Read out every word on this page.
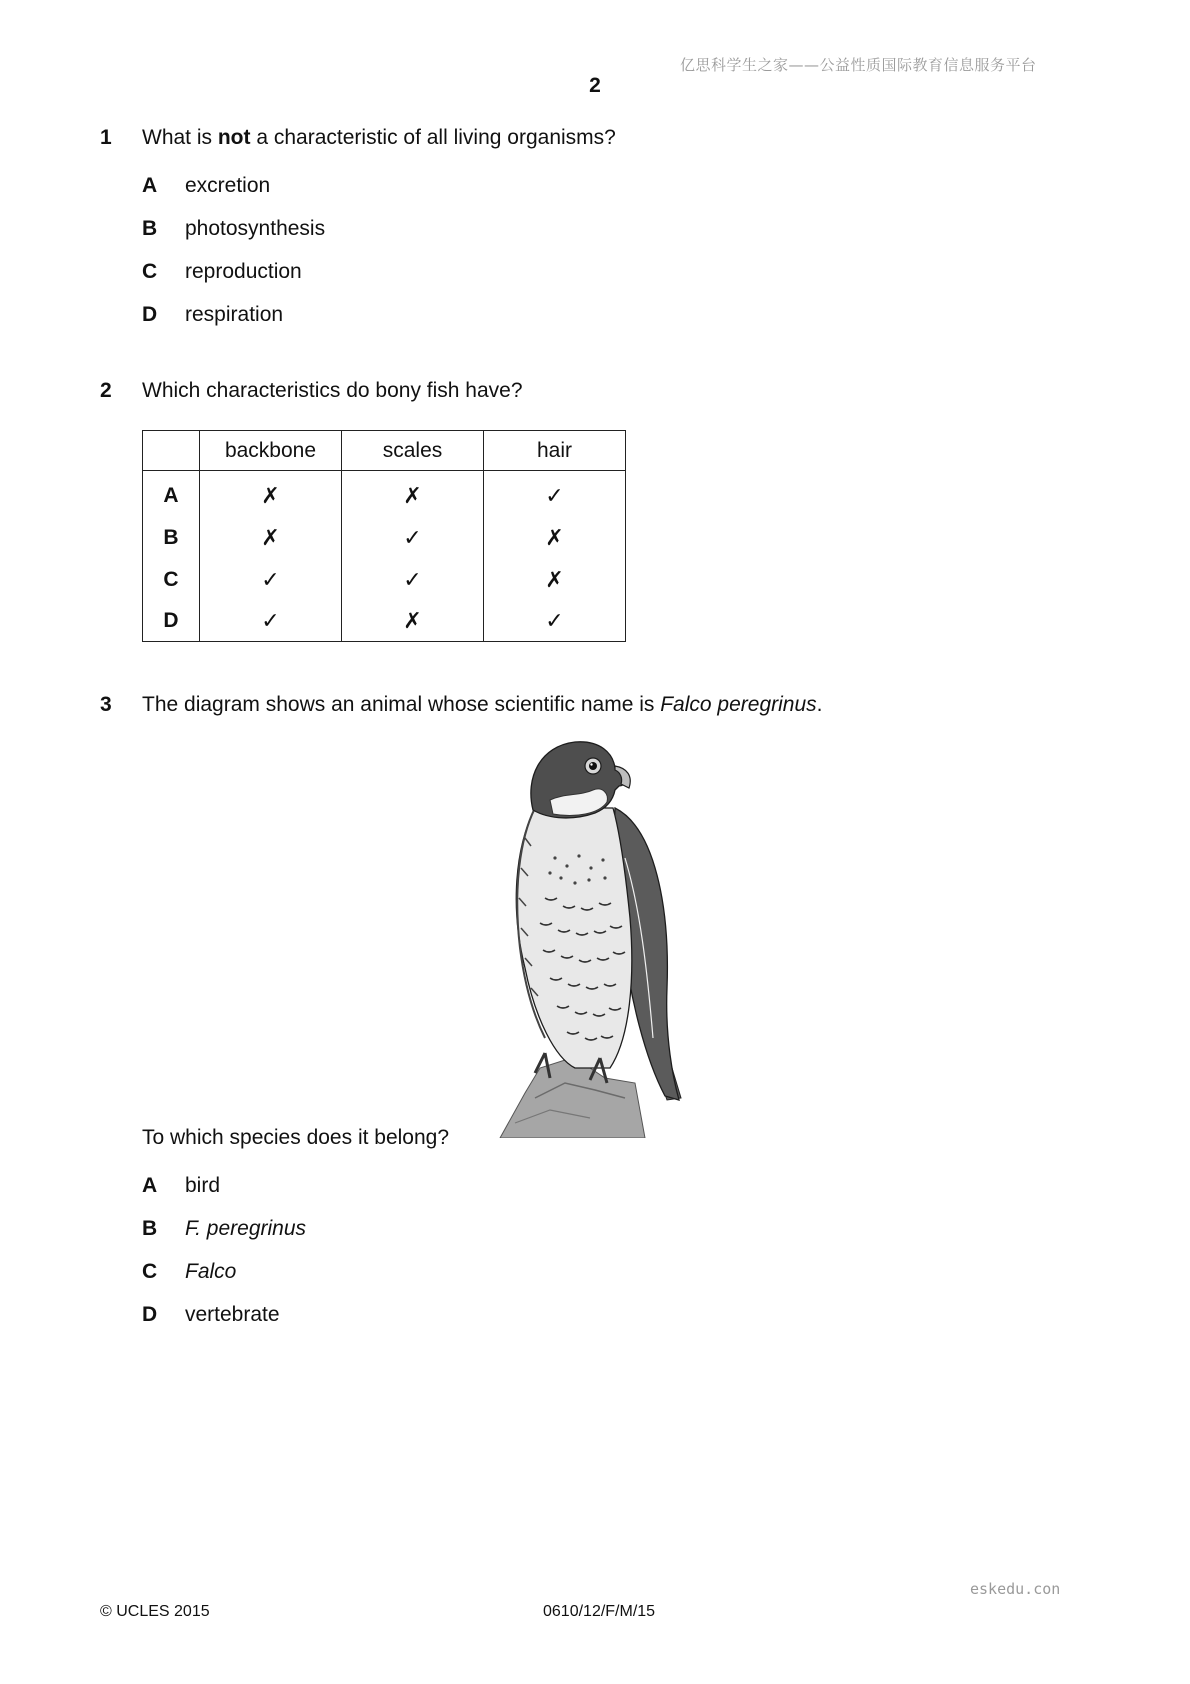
亿思科学生之家——公益性质国际教育信息服务平台
2
1 What is not a characteristic of all living organisms?
A excretion
B photosynthesis
C reproduction
D respiration
2 Which characteristics do bony fish have?
	backbone	scales	hair
A	✗	✗	✓
B	✗	✓	✗
C	✓	✓	✗
D	✓	✗	✓
3 The diagram shows an animal whose scientific name is Falco peregrinus.
To which species does it belong?
A bird
B F. peregrinus
C Falco
D vertebrate
eskedu.con
© UCLES 2015	0610/12/F/M/15
